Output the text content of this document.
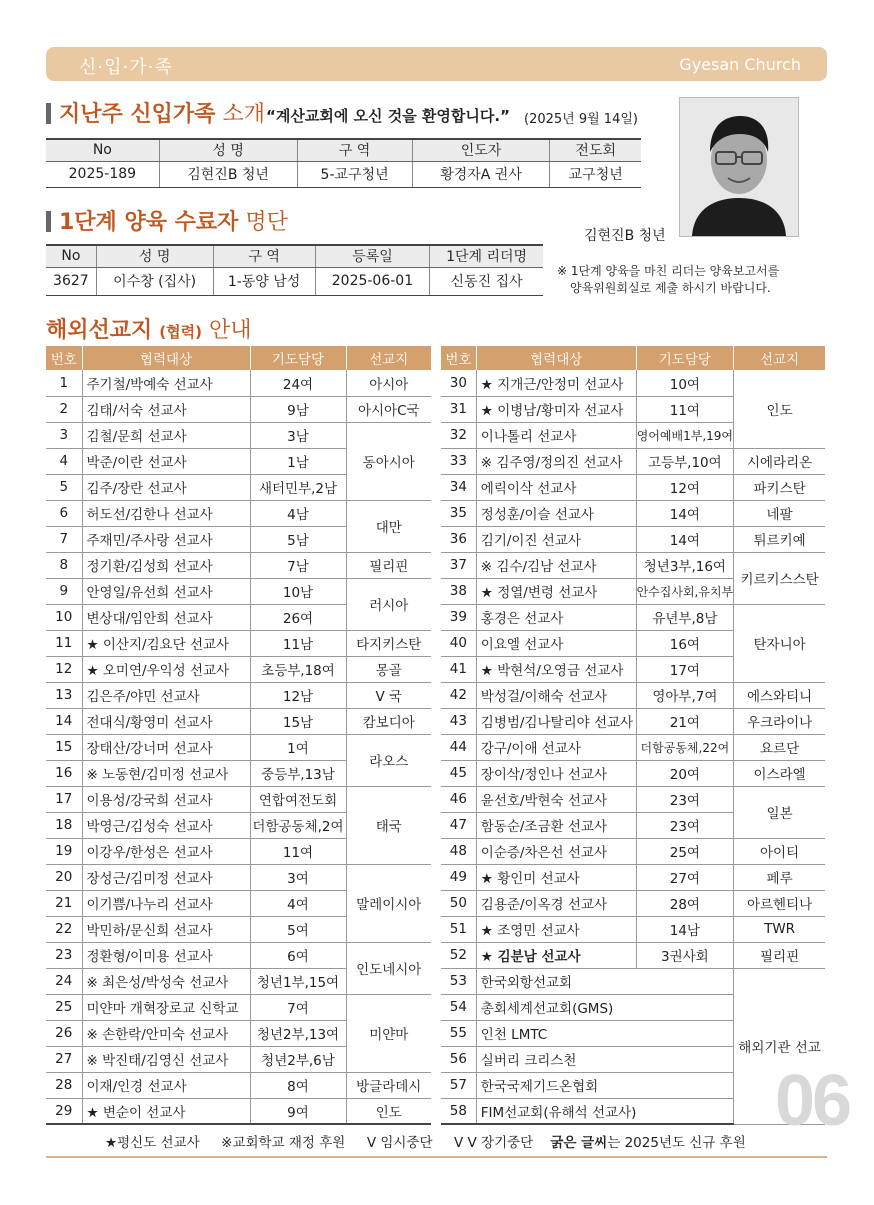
신·입·가·족	Gyesan Church
지난주 신입가족 소개 “계산교회에 오신 것을 환영합니다.” (2025년 9월 14일)
No	성 명	구 역	인도자	전도회
2025-189	김현진B 청년	5-교구청년	황경자A 권사	교구청년
김현진B 청년
1단계 양육 수료자 명단
No	성 명	구 역	등록일	1단계 리더명
3627	이수창 (집사)	1-동양 남성	2025-06-01	신동진 집사
※ 1단계 양육을 마친 리더는 양육보고서를
양육위원회실로 제출 하시기 바랍니다.
해외선교지 (협력) 안내
번호	협력대상	기도담당	선교지
1	주기철/박예숙 선교사	24여	아시아
2	김태/서숙 선교사	9남	아시아C국
3	김철/문희 선교사	3남	동아시아
4	박준/이란 선교사	1남	
5	김주/장란 선교사	새터민부,2남	
6	허도선/김한나 선교사	4남	대만
7	주재민/주사랑 선교사	5남	
8	정기환/김성희 선교사	7남	필리핀
9	안영일/유선희 선교사	10남	러시아
10	변상대/임안희 선교사	26여	
11	★ 이산지/김요단 선교사	11남	타지키스탄
12	★ 오미연/우익성 선교사	초등부,18여	몽골
13	김은주/야민 선교사	12남	V 국
14	전대식/황영미 선교사	15남	캄보디아
15	장태산/강너머 선교사	1여	라오스
16	※ 노동현/김미정 선교사	중등부,13남	
17	이용성/강국희 선교사	연합여전도회	태국
18	박영근/김성숙 선교사	더함공동체,2여	
19	이강우/한성은 선교사	11여	
20	장성근/김미정 선교사	3여	말레이시아
21	이기쁨/나누리 선교사	4여	
22	박민하/문신희 선교사	5여	
23	정환형/이미용 선교사	6여	인도네시아
24	※ 최은성/박성숙 선교사	청년1부,15여	
25	미얀마 개혁장로교 신학교	7여	미얀마
26	※ 손한락/안미숙 선교사	청년2부,13여	
27	※ 박진태/김영신 선교사	청년2부,6남	
28	이재/인경 선교사	8여	방글라데시
29	★ 변순이 선교사	9여	인도
번호	협력대상	기도담당	선교지
30	★ 지개근/안정미 선교사	10여	인도
31	★ 이병남/황미자 선교사	11여	
32	이나톨리 선교사	영어예배1부,19여	
33	※ 김주영/정의진 선교사	고등부,10여	시에라리온
34	에릭이삭 선교사	12여	파키스탄
35	정성훈/이슬 선교사	14여	네팔
36	김기/이진 선교사	14여	튀르키예
37	※ 김수/김남 선교사	청년3부,16여	키르키스스탄
38	★ 정열/변령 선교사	안수집사회,유치부	
39	홍경은 선교사	유년부,8남	탄자니아
40	이요엘 선교사	16여	
41	★ 박현석/오영금 선교사	17여	
42	박성걸/이해숙 선교사	영아부,7여	에스와티니
43	김병범/김나탈리야 선교사	21여	우크라이나
44	강구/이애 선교사	더함공동체,22여	요르단
45	장이삭/정인나 선교사	20여	이스라엘
46	윤선호/박현숙 선교사	23여	일본
47	함동순/조금환 선교사	23여	
48	이순증/차은선 선교사	25여	아이티
49	★ 황인미 선교사	27여	페루
50	김용준/이옥경 선교사	28여	아르헨티나
51	★ 조영민 선교사	14남	TWR
52	★ 김분남 선교사	3권사회	필리핀
53	한국외항선교회		해외기관 선교
54	총회세계선교회(GMS)		
55	인천 LMTC		
56	실버리 크리스천		
57	한국국제기드온협회		
58	FIM선교회(유해석 선교사)		
★평신도 선교사 ※교회학교 재정 후원 V 임시중단 V V 장기중단 굵은 글씨는 2025년도 신규 후원
06
